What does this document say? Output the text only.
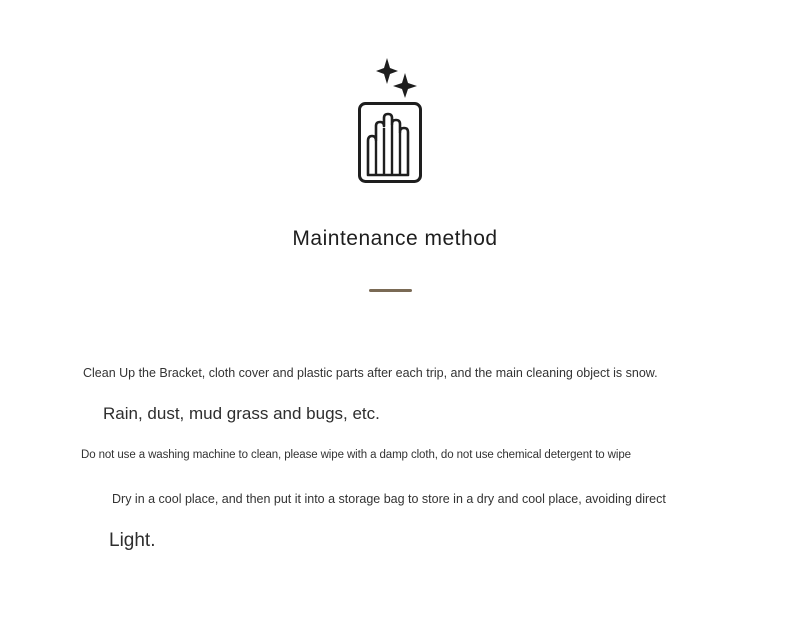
Maintenance method
Clean Up the Bracket, cloth cover and plastic parts after each trip, and the main cleaning object is snow.
Rain, dust, mud grass and bugs, etc.
Do not use a washing machine to clean, please wipe with a damp cloth, do not use chemical detergent to wipe
Dry in a cool place, and then put it into a storage bag to store in a dry and cool place, avoiding direct
Light.
